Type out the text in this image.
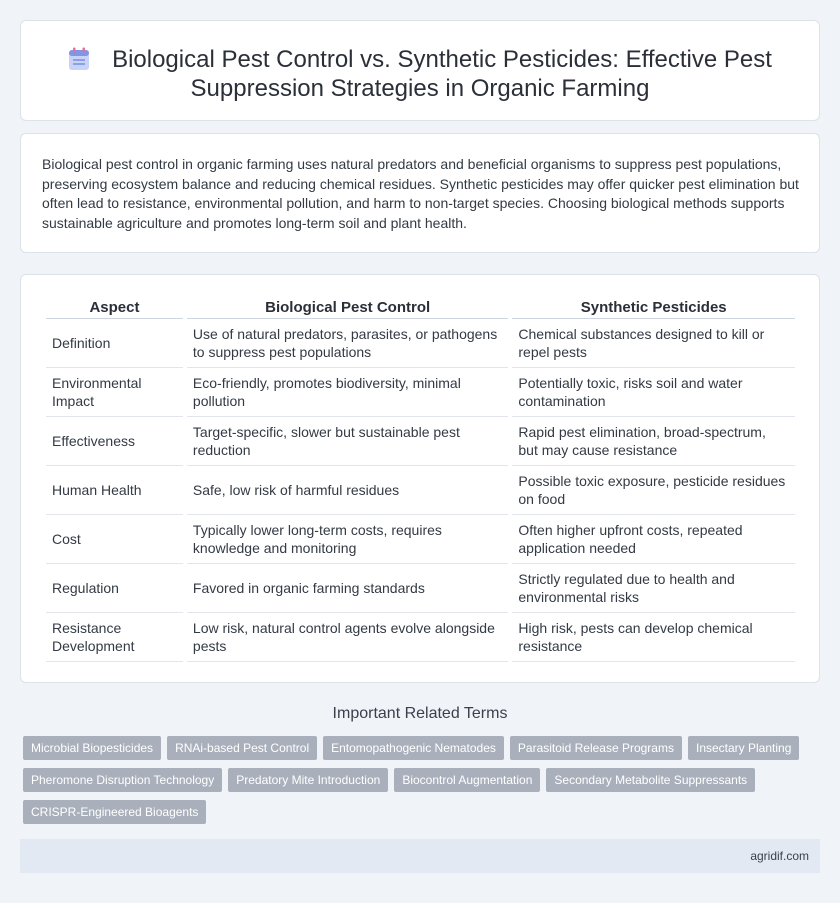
Biological Pest Control vs. Synthetic Pesticides: Effective Pest Suppression Strategies in Organic Farming

Biological pest control in organic farming uses natural predators and beneficial organisms to suppress pest populations, preserving ecosystem balance and reducing chemical residues. Synthetic pesticides may offer quicker pest elimination but often lead to resistance, environmental pollution, and harm to non-target species. Choosing biological methods supports sustainable agriculture and promotes long-term soil and plant health.

Aspect	Biological Pest Control	Synthetic Pesticides
Definition	Use of natural predators, parasites, or pathogens to suppress pest populations	Chemical substances designed to kill or repel pests
Environmental Impact	Eco-friendly, promotes biodiversity, minimal pollution	Potentially toxic, risks soil and water contamination
Effectiveness	Target-specific, slower but sustainable pest reduction	Rapid pest elimination, broad-spectrum, but may cause resistance
Human Health	Safe, low risk of harmful residues	Possible toxic exposure, pesticide residues on food
Cost	Typically lower long-term costs, requires knowledge and monitoring	Often higher upfront costs, repeated application needed
Regulation	Favored in organic farming standards	Strictly regulated due to health and environmental risks
Resistance Development	Low risk, natural control agents evolve alongside pests	High risk, pests can develop chemical resistance
Important Related Terms
Microbial Biopesticides	RNAi-based Pest Control	Entomopathogenic Nematodes	Parasitoid Release Programs	Insectary Planting
Pheromone Disruption Technology	Predatory Mite Introduction	Biocontrol Augmentation	Secondary Metabolite Suppressants
CRISPR-Engineered Bioagents
agridif.com
